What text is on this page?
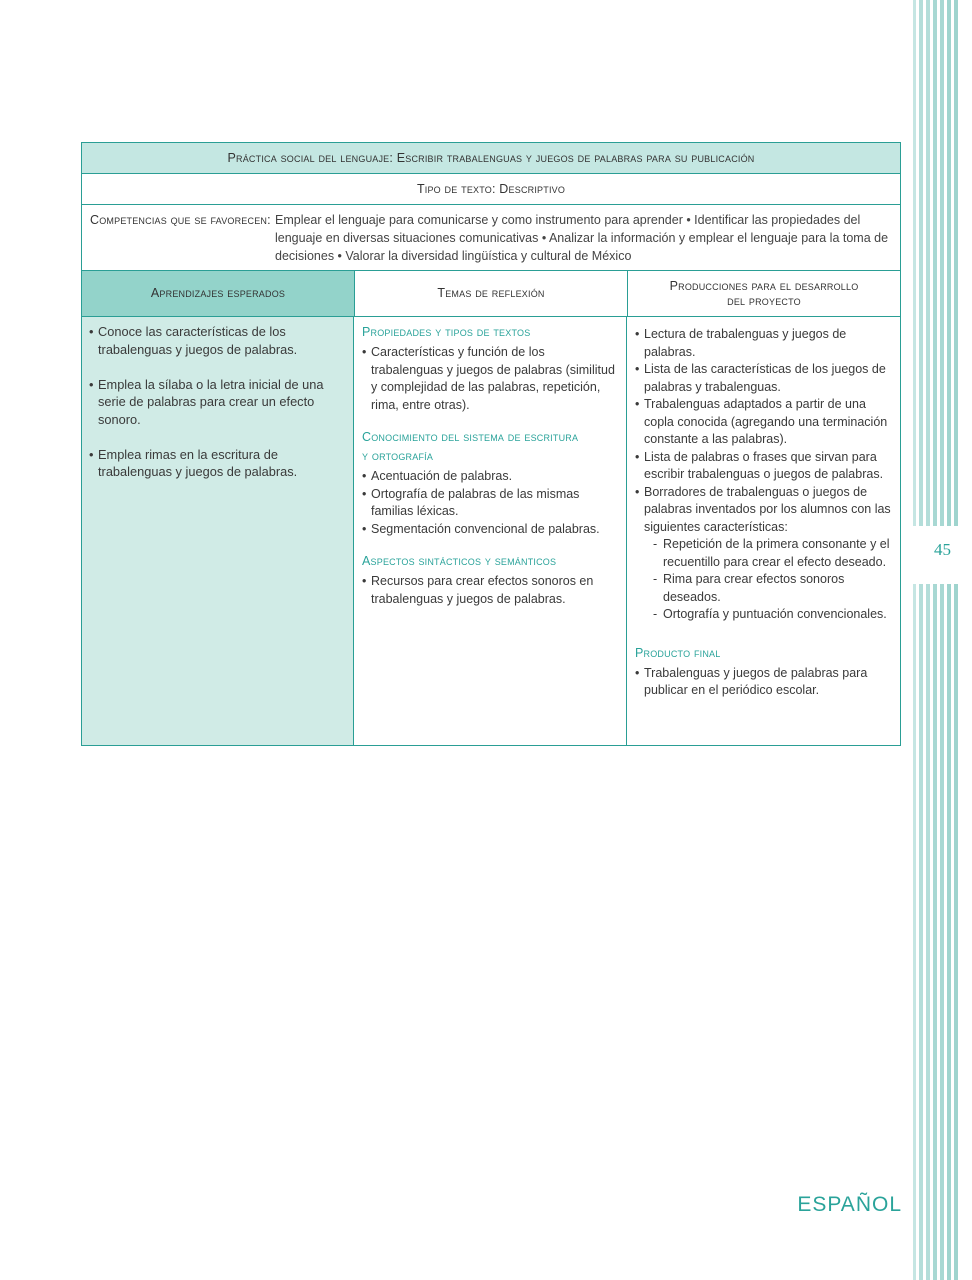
45
Práctica social del lenguaje: Escribir trabalenguas y juegos de palabras para su publicación
Tipo de texto: Descriptivo
Competencias que se favorecen: Emplear el lenguaje para comunicarse y como instrumento para aprender • Identificar las propiedades del lenguaje en diversas situaciones comunicativas • Analizar la información y emplear el lenguaje para la toma de decisiones • Valorar la diversidad lingüística y cultural de México
Aprendizajes esperados	Temas de reflexión
Producciones para el desarrollo
del proyecto
• Conoce las características de los trabalenguas y juegos de palabras.
• Emplea la sílaba o la letra inicial de una serie de palabras para crear un efecto sonoro.
• Emplea rimas en la escritura de trabalenguas y juegos de palabras.
Propiedades y tipos de textos
• Características y función de los trabalenguas y juegos de palabras (similitud y complejidad de las palabras, repetición, rima, entre otras).
Conocimiento del sistema de escritura
y ortografía
• Acentuación de palabras.
• Ortografía de palabras de las mismas familias léxicas.
• Segmentación convencional de palabras.
Aspectos sintácticos y semánticos
• Recursos para crear efectos sonoros en trabalenguas y juegos de palabras.
• Lectura de trabalenguas y juegos de palabras.
• Lista de las características de los juegos de palabras y trabalenguas.
• Trabalenguas adaptados a partir de una copla conocida (agregando una terminación constante a las palabras).
• Lista de palabras o frases que sirvan para escribir trabalenguas o juegos de palabras.
• Borradores de trabalenguas o juegos de palabras inventados por los alumnos con las siguientes características:
- Repetición de la primera consonante y el recuentillo para crear el efecto deseado.
- Rima para crear efectos sonoros deseados.
- Ortografía y puntuación convencionales.
Producto final
• Trabalenguas y juegos de palabras para publicar en el periódico escolar.
ESPAÑOL
